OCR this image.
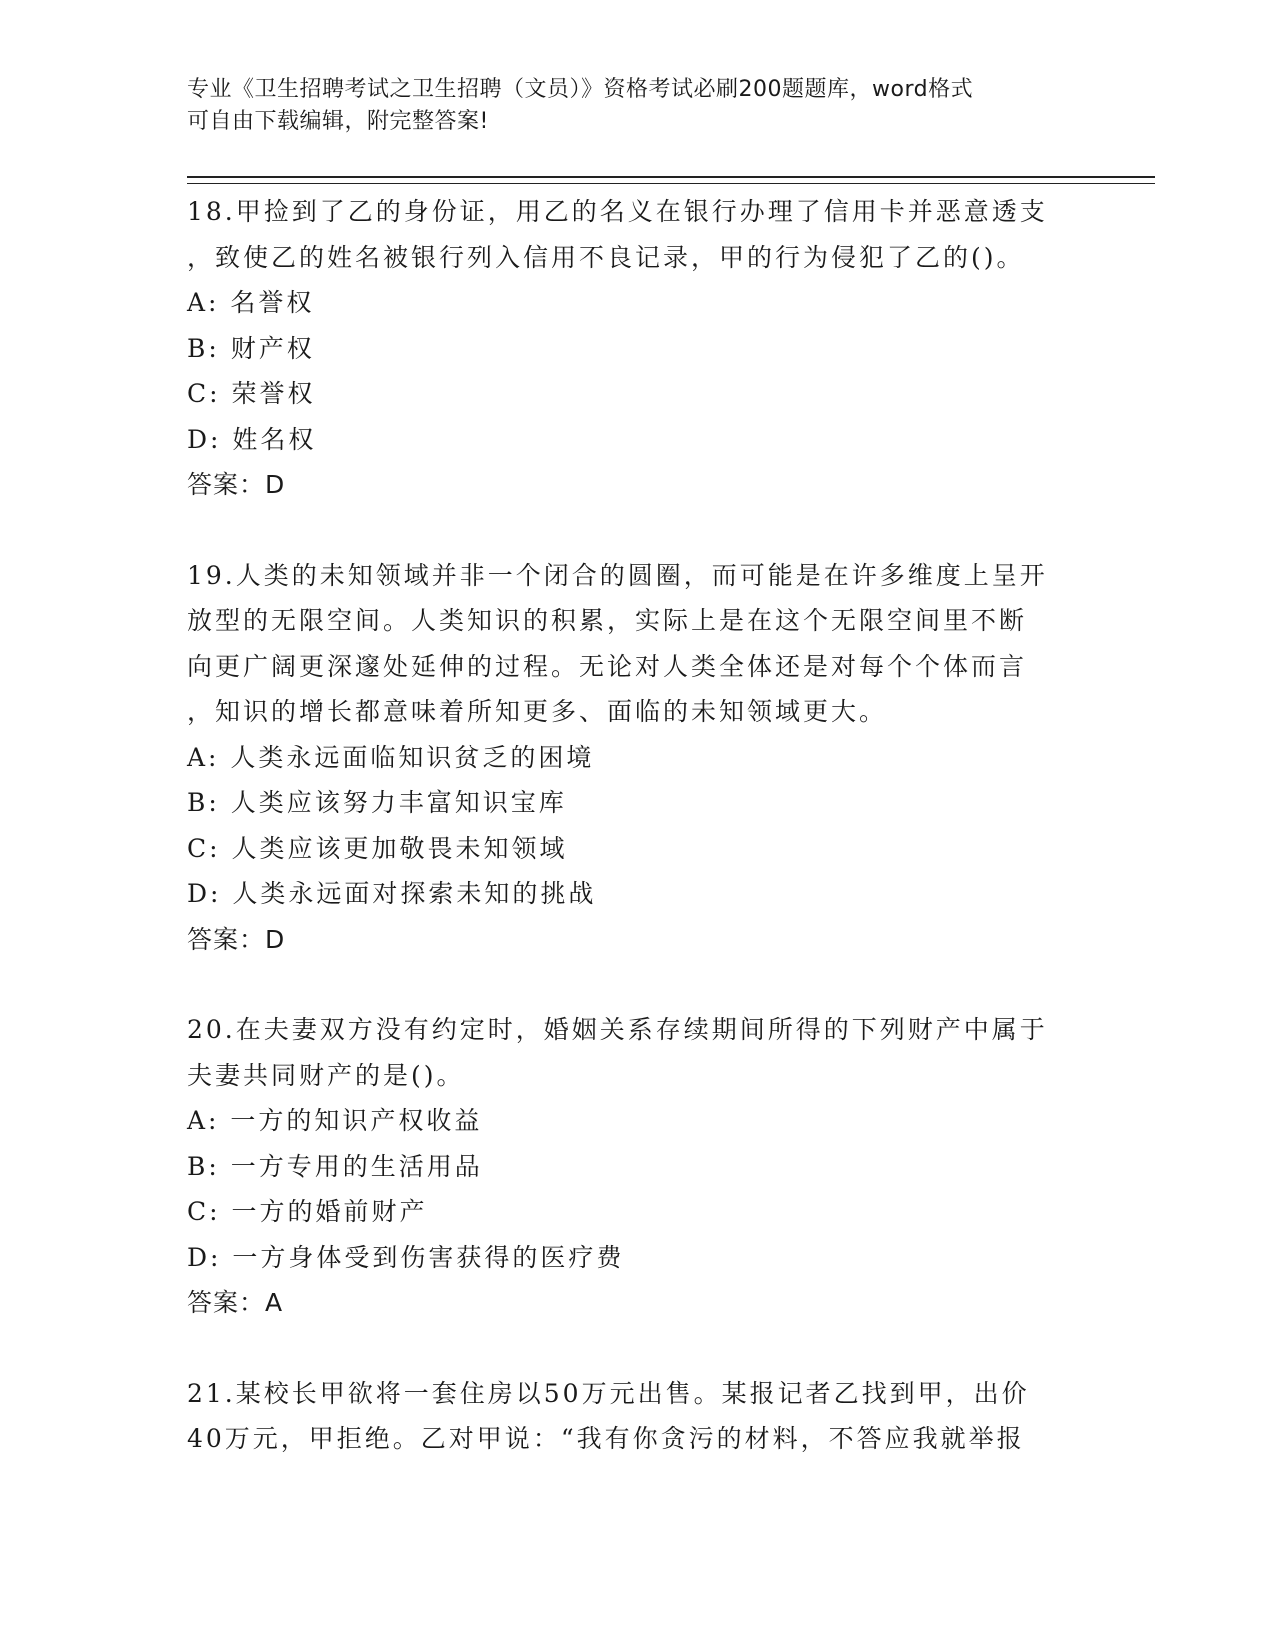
专业《卫生招聘考试之卫生招聘（文员）》资格考试必刷200题题库，word格式
可自由下载编辑，附完整答案!

18.甲捡到了乙的身份证，用乙的名义在银行办理了信用卡并恶意透支
，致使乙的姓名被银行列入信用不良记录，甲的行为侵犯了乙的()。

A: 名誉权

B: 财产权

C: 荣誉权

D: 姓名权

答案：D

19.人类的未知领域并非一个闭合的圆圈，而可能是在许多维度上呈开
放型的无限空间。人类知识的积累，实际上是在这个无限空间里不断
向更广阔更深邃处延伸的过程。无论对人类全体还是对每个个体而言
，知识的增长都意味着所知更多、面临的未知领域更大。

A: 人类永远面临知识贫乏的困境

B: 人类应该努力丰富知识宝库

C: 人类应该更加敬畏未知领域

D: 人类永远面对探索未知的挑战

答案：D

20.在夫妻双方没有约定时，婚姻关系存续期间所得的下列财产中属于
夫妻共同财产的是()。

A: 一方的知识产权收益

B: 一方专用的生活用品

C: 一方的婚前财产

D: 一方身体受到伤害获得的医疗费

答案：A

21.某校长甲欲将一套住房以50万元出售。某报记者乙找到甲，出价
40万元，甲拒绝。乙对甲说：“我有你贪污的材料，不答应我就举报
